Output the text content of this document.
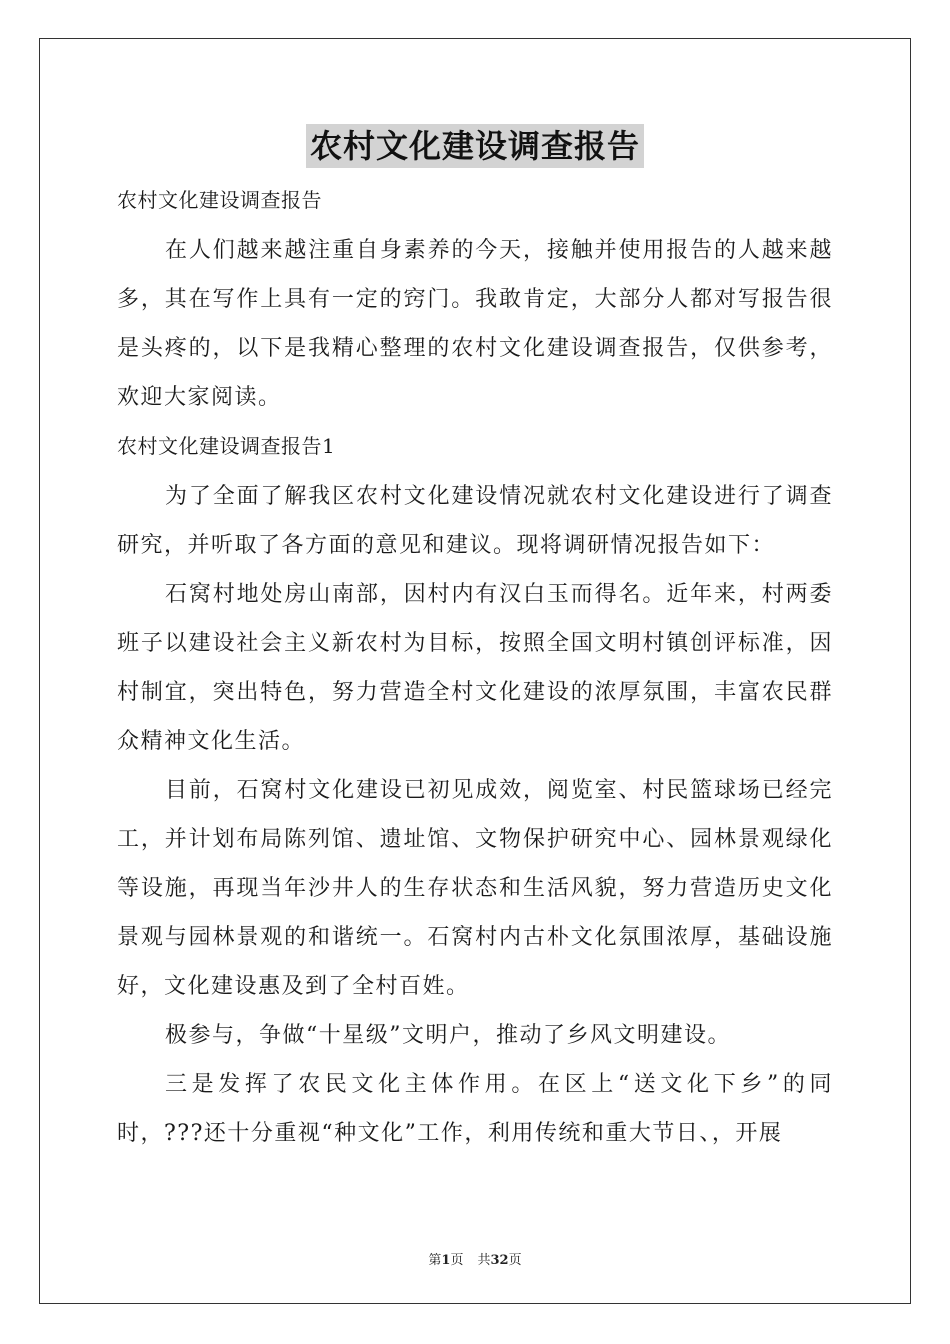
农村文化建设调查报告

农村文化建设调查报告

在人们越来越注重自身素养的今天，接触并使用报告的人越来越多，其在写作上具有一定的窍门。我敢肯定，大部分人都对写报告很是头疼的，以下是我精心整理的农村文化建设调查报告，仅供参考，欢迎大家阅读。

农村文化建设调查报告1

为了全面了解我区农村文化建设情况就农村文化建设进行了调查研究，并听取了各方面的意见和建议。现将调研情况报告如下：

石窝村地处房山南部，因村内有汉白玉而得名。近年来，村两委班子以建设社会主义新农村为目标，按照全国文明村镇创评标准，因村制宜，突出特色，努力营造全村文化建设的浓厚氛围，丰富农民群众精神文化生活。

目前，石窝村文化建设已初见成效，阅览室、村民篮球场已经完工，并计划布局陈列馆、遗址馆、文物保护研究中心、园林景观绿化等设施，再现当年沙井人的生存状态和生活风貌，努力营造历史文化景观与园林景观的和谐统一。石窝村内古朴文化氛围浓厚，基础设施好，文化建设惠及到了全村百姓。

极参与，争做“十星级”文明户，推动了乡风文明建设。

三是发挥了农民文化主体作用。在区上“送文化下乡”的同时，???还十分重视“种文化”工作，利用传统和重大节日、，开展

第1页 共32页
